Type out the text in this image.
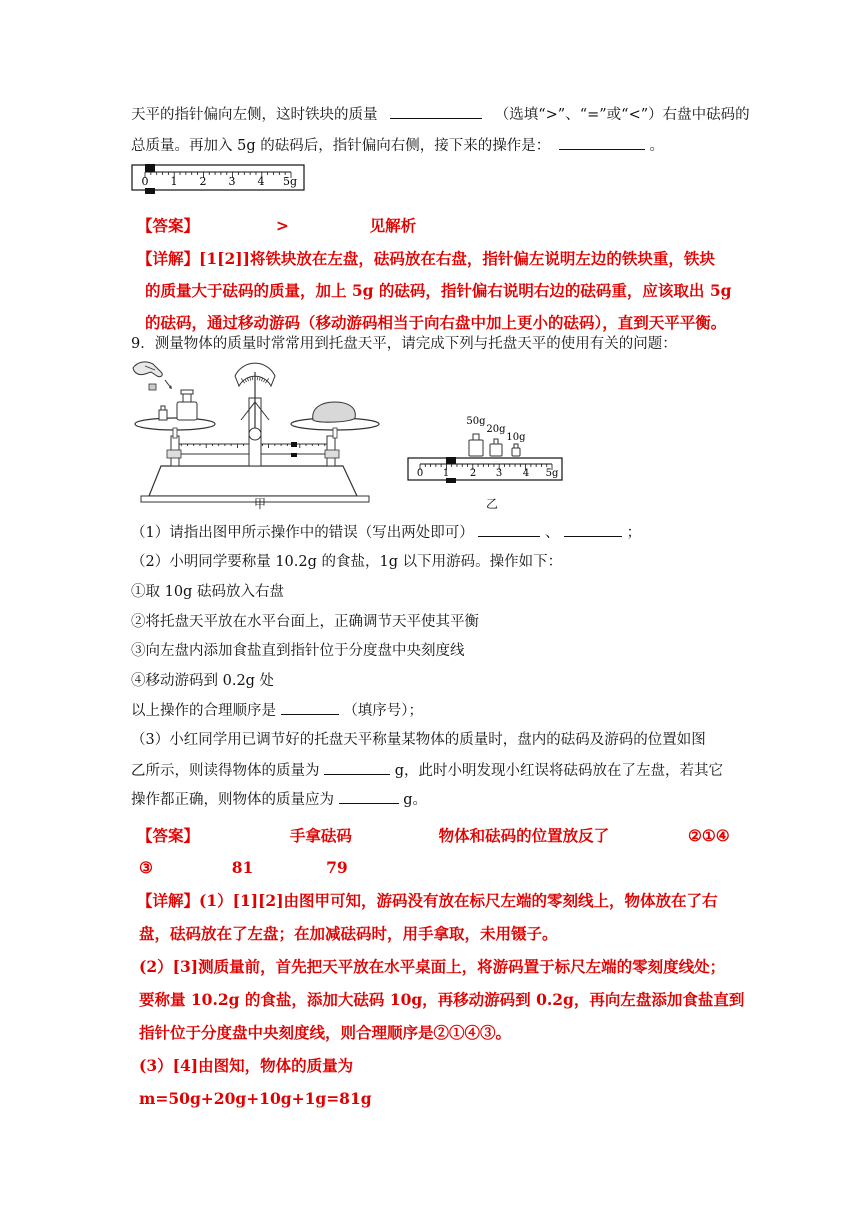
天平的指针偏向左侧，这时铁块的质量	（选填“>”、“=”或“<”）右盘中砝码的
总质量。再加入 5g 的砝码后，指针偏向右侧，接下来的操作是：	。
0 1 2 3 4 5g
【答案】	>	见解析
【详解】[1[2]]将铁块放在左盘，砝码放在右盘，指针偏左说明左边的铁块重，铁块
的质量大于砝码的质量，加上 5g 的砝码，指针偏右说明右边的砝码重，应该取出 5g
的砝码，通过移动游码（移动游码相当于向右盘中加上更小的砝码），直到天平平衡。
9．测量物体的质量时常常用到托盘天平，请完成下列与托盘天平的使用有关的问题：
甲
50g
20g
10g
0 1 2 3 4 5g
乙
（1）请指出图甲所示操作中的错误（写出两处即可）	、	；
（2）小明同学要称量 10.2g 的食盐，1g 以下用游码。操作如下：
①取 10g 砝码放入右盘
②将托盘天平放在水平台面上，正确调节天平使其平衡
③向左盘内添加食盐直到指针位于分度盘中央刻度线
④移动游码到 0.2g 处
以上操作的合理顺序是	（填序号）；
（3）小红同学用已调节好的托盘天平称量某物体的质量时，盘内的砝码及游码的位置如图
乙所示，则读得物体的质量为	g，此时小明发现小红误将砝码放在了左盘，若其它
操作都正确，则物体的质量应为	g。
【答案】	手拿砝码	物体和砝码的位置放反了	②①④
③	81	79
【详解】(1）[1][2]由图甲可知，游码没有放在标尺左端的零刻线上，物体放在了右
盘，砝码放在了左盘；在加减砝码时，用手拿取，未用镊子。
(2）[3]测质量前，首先把天平放在水平桌面上，将游码置于标尺左端的零刻度线处；
要称量 10.2g 的食盐，添加大砝码 10g，再移动游码到 0.2g，再向左盘添加食盐直到
指针位于分度盘中央刻度线，则合理顺序是②①④③。
(3）[4]由图知，物体的质量为
m=50g+20g+10g+1g=81g
